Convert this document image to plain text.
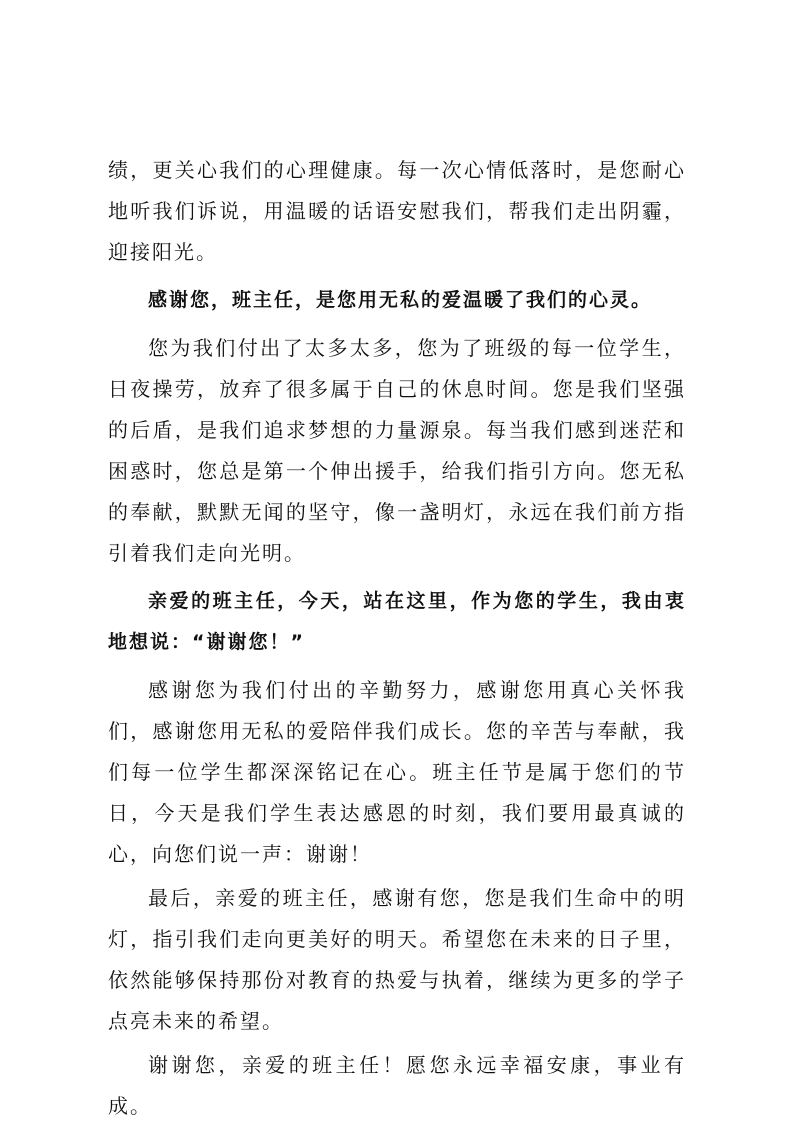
绩，更关心我们的心理健康。每一次心情低落时，是您耐心地听我们诉说，用温暖的话语安慰我们，帮我们走出阴霾，迎接阳光。

感谢您，班主任，是您用无私的爱温暖了我们的心灵。

您为我们付出了太多太多，您为了班级的每一位学生，日夜操劳，放弃了很多属于自己的休息时间。您是我们坚强的后盾，是我们追求梦想的力量源泉。每当我们感到迷茫和困惑时，您总是第一个伸出援手，给我们指引方向。您无私的奉献，默默无闻的坚守，像一盏明灯，永远在我们前方指引着我们走向光明。

亲爱的班主任，今天，站在这里，作为您的学生，我由衷地想说：“谢谢您！”

感谢您为我们付出的辛勤努力，感谢您用真心关怀我们，感谢您用无私的爱陪伴我们成长。您的辛苦与奉献，我们每一位学生都深深铭记在心。班主任节是属于您们的节日，今天是我们学生表达感恩的时刻，我们要用最真诚的心，向您们说一声：谢谢！

最后，亲爱的班主任，感谢有您，您是我们生命中的明灯，指引我们走向更美好的明天。希望您在未来的日子里，依然能够保持那份对教育的热爱与执着，继续为更多的学子点亮未来的希望。

谢谢您，亲爱的班主任！愿您永远幸福安康，事业有成。
